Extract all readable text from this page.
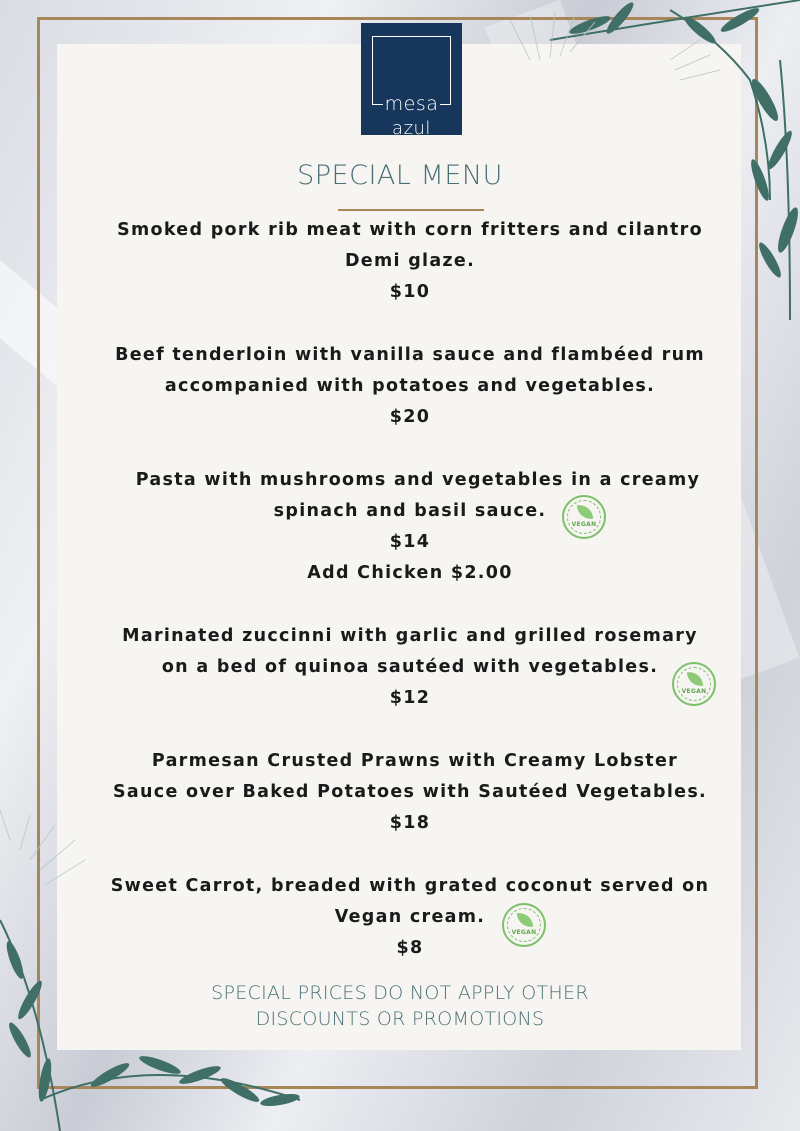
mesa
azul
SPECIAL MENU
Smoked pork rib meat with corn fritters and cilantro
Demi glaze.
$10
Beef tenderloin with vanilla sauce and flambéed rum
accompanied with potatoes and vegetables.
$20
Pasta with mushrooms and vegetables in a creamy
spinach and basil sauce.
$14
Add Chicken $2.00
VEGAN
Marinated zuccinni with garlic and grilled rosemary
on a bed of quinoa sautéed with vegetables.
$12	VEGAN
Parmesan Crusted Prawns with Creamy Lobster
Sauce over Baked Potatoes with Sautéed Vegetables.
$18
Sweet Carrot, breaded with grated coconut served on
Vegan cream.
$8
VEGAN
SPECIAL PRICES DO NOT APPLY OTHER
DISCOUNTS OR PROMOTIONS
